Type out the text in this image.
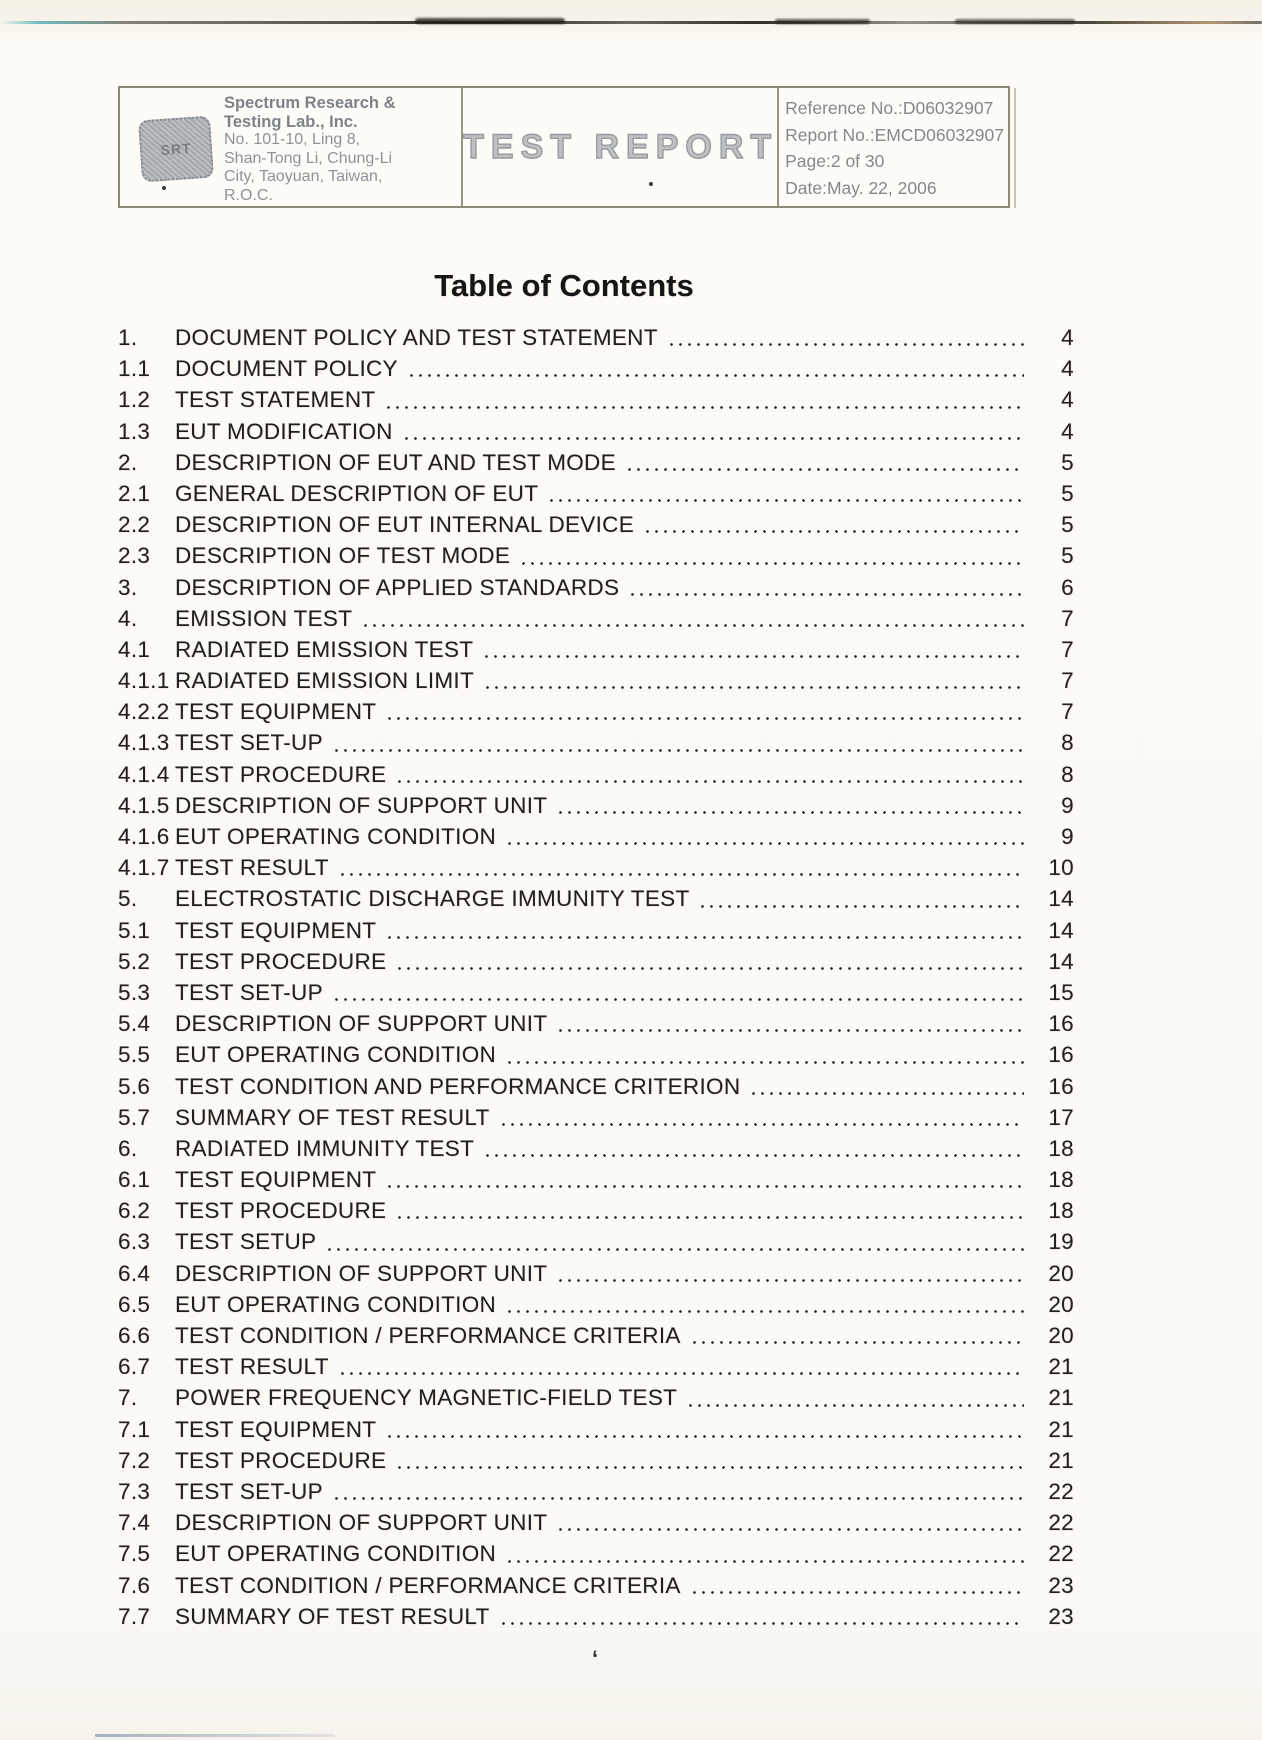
SRT
Spectrum Research &
Testing Lab., Inc.
No. 101-10, Ling 8,
Shan-Tong Li, Chung-Li
City, Taoyuan, Taiwan,
R.O.C.
TEST REPORT
Reference No.:D06032907
Report No.:EMCD06032907
Page:2 of 30
Date:May. 22, 2006
Table of Contents
1.	DOCUMENT POLICY AND TEST STATEMENT	4
1.1	DOCUMENT POLICY	4
1.2	TEST STATEMENT	4
1.3	EUT MODIFICATION	4
2.	DESCRIPTION OF EUT AND TEST MODE	5
2.1	GENERAL DESCRIPTION OF EUT	5
2.2	DESCRIPTION OF EUT INTERNAL DEVICE	5
2.3	DESCRIPTION OF TEST MODE	5
3.	DESCRIPTION OF APPLIED STANDARDS	6
4.	EMISSION TEST	7
4.1	RADIATED EMISSION TEST	7
4.1.1 RADIATED EMISSION LIMIT	7
4.2.2 TEST EQUIPMENT	7
4.1.3 TEST SET-UP	8
4.1.4 TEST PROCEDURE	8
4.1.5 DESCRIPTION OF SUPPORT UNIT	9
4.1.6 EUT OPERATING CONDITION	9
4.1.7 TEST RESULT	10
5.	ELECTROSTATIC DISCHARGE IMMUNITY TEST	14
5.1	TEST EQUIPMENT	14
5.2	TEST PROCEDURE	14
5.3	TEST SET-UP	15
5.4	DESCRIPTION OF SUPPORT UNIT	16
5.5	EUT OPERATING CONDITION	16
5.6	TEST CONDITION AND PERFORMANCE CRITERION	16
5.7	SUMMARY OF TEST RESULT	17
6.	RADIATED IMMUNITY TEST	18
6.1	TEST EQUIPMENT	18
6.2	TEST PROCEDURE	18
6.3	TEST SETUP	19
6.4	DESCRIPTION OF SUPPORT UNIT	20
6.5	EUT OPERATING CONDITION	20
6.6	TEST CONDITION / PERFORMANCE CRITERIA	20
6.7	TEST RESULT	21
7.	POWER FREQUENCY MAGNETIC-FIELD TEST	21
7.1	TEST EQUIPMENT	21
7.2	TEST PROCEDURE	21
7.3	TEST SET-UP	22
7.4	DESCRIPTION OF SUPPORT UNIT	22
7.5	EUT OPERATING CONDITION	22
7.6	TEST CONDITION / PERFORMANCE CRITERIA	23
7.7	SUMMARY OF TEST RESULT	23
‘
